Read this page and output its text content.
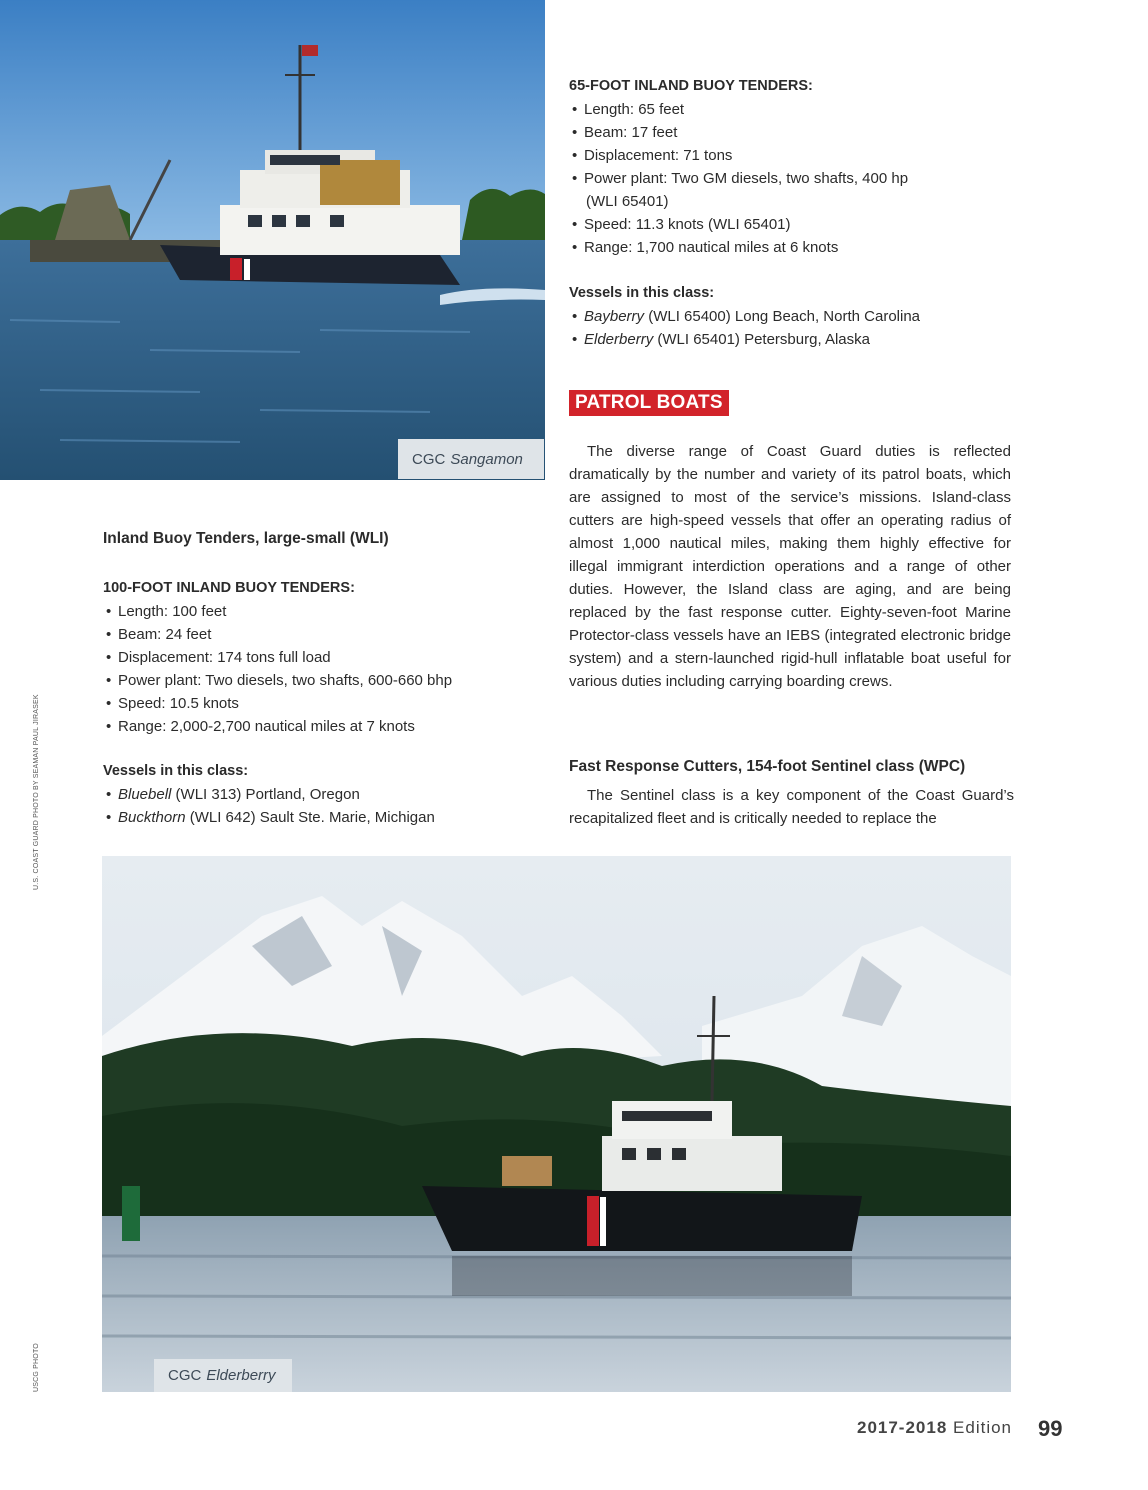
CGC Sangamon

65-FOOT INLAND BUOY TENDERS:

• Length: 65 feet
• Beam: 17 feet
• Displacement: 71 tons
• Power plant: Two GM diesels, two shafts, 400 hp
(WLI 65401)
• Speed: 11.3 knots (WLI 65401)
• Range: 1,700 nautical miles at 6 knots

Vessels in this class:

• Bayberry (WLI 65400) Long Beach, North Carolina
• Elderberry (WLI 65401) Petersburg, Alaska
PATROL BOATS
The diverse range of Coast Guard duties is reflected dramatically by the number and variety of its patrol boats, which are assigned to most of the service’s missions. Island-class cutters are high-speed vessels that offer an operating radius of almost 1,000 nautical miles, making them highly effective for illegal immigrant interdiction operations and a range of other duties. However, the Island class are aging, and are being replaced by the fast response cutter. Eighty-seven-foot Marine Protector-class vessels have an IEBS (integrated electronic bridge system) and a stern-launched rigid-hull inflatable boat useful for various duties including carrying boarding crews.

Fast Response Cutters, 154-foot Sentinel class (WPC)

The Sentinel class is a key component of the Coast Guard’s recapitalized fleet and is critically needed to replace the

Inland Buoy Tenders, large-small (WLI)

100-FOOT INLAND BUOY TENDERS:

• Length: 100 feet
• Beam: 24 feet
• Displacement: 174 tons full load
• Power plant: Two diesels, two shafts, 600-660 bhp
• Speed: 10.5 knots
• Range: 2,000-2,700 nautical miles at 7 knots

Vessels in this class:

• Bluebell (WLI 313) Portland, Oregon
• Buckthorn (WLI 642) Sault Ste. Marie, Michigan
U.S. COAST GUARD PHOTO BY SEAMAN PAUL JIRASEK
USCG PHOTO	CGC Elderberry
2017-2018 Edition 99
